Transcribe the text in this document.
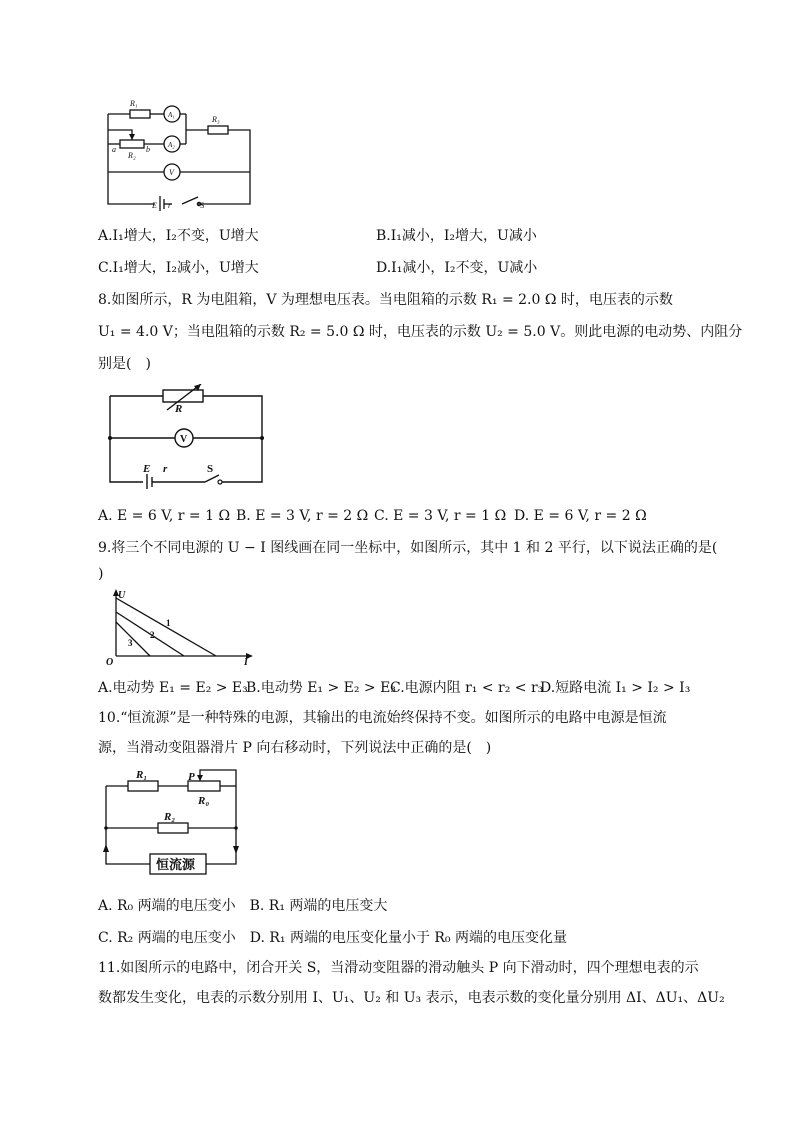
R₁
A₁	R₃
A₂
a	b
R₂
V
E r	S
A.I₁增大，I₂不变，U增大	B.I₁减小，I₂增大，U减小
C.I₁增大，I₂减小，U增大	D.I₁减小，I₂不变，U减小
8.如图所示，R 为电阻箱，V 为理想电压表。当电阻箱的示数 R₁ = 2.0 Ω 时，电压表的示数
U₁ = 4.0 V；当电阻箱的示数 R₂ = 5.0 Ω 时，电压表的示数 U₂ = 5.0 V。则此电源的电动势、内阻分
别是(　)
R
V
E r	S
A. E = 6 V, r = 1 Ω B. E = 3 V, r = 2 Ω C. E = 3 V, r = 1 Ω D. E = 6 V, r = 2 Ω
9.将三个不同电源的 U − I 图线画在同一坐标中，如图所示，其中 1 和 2 平行，以下说法正确的是(
)
U
I
O
1
2
3
A.电动势 E₁ = E₂ > E₃
B.电动势 E₁ > E₂ > E₃
C.电源内阻 r₁ < r₂ < r₃
D.短路电流 I₁ > I₂ > I₃
10.“恒流源”是一种特殊的电源，其输出的电流始终保持不变。如图所示的电路中电源是恒流
源，当滑动变阻器滑片 P 向右移动时，下列说法中正确的是(　)
R₁	P
R₀
R₂
恒流源
A. R₀ 两端的电压变小　B. R₁ 两端的电压变大
C. R₂ 两端的电压变小　D. R₁ 两端的电压变化量小于 R₀ 两端的电压变化量
11.如图所示的电路中，闭合开关 S，当滑动变阻器的滑动触头 P 向下滑动时，四个理想电表的示
数都发生变化，电表的示数分别用 I、U₁、U₂ 和 U₃ 表示，电表示数的变化量分别用 ΔI、ΔU₁、ΔU₂
